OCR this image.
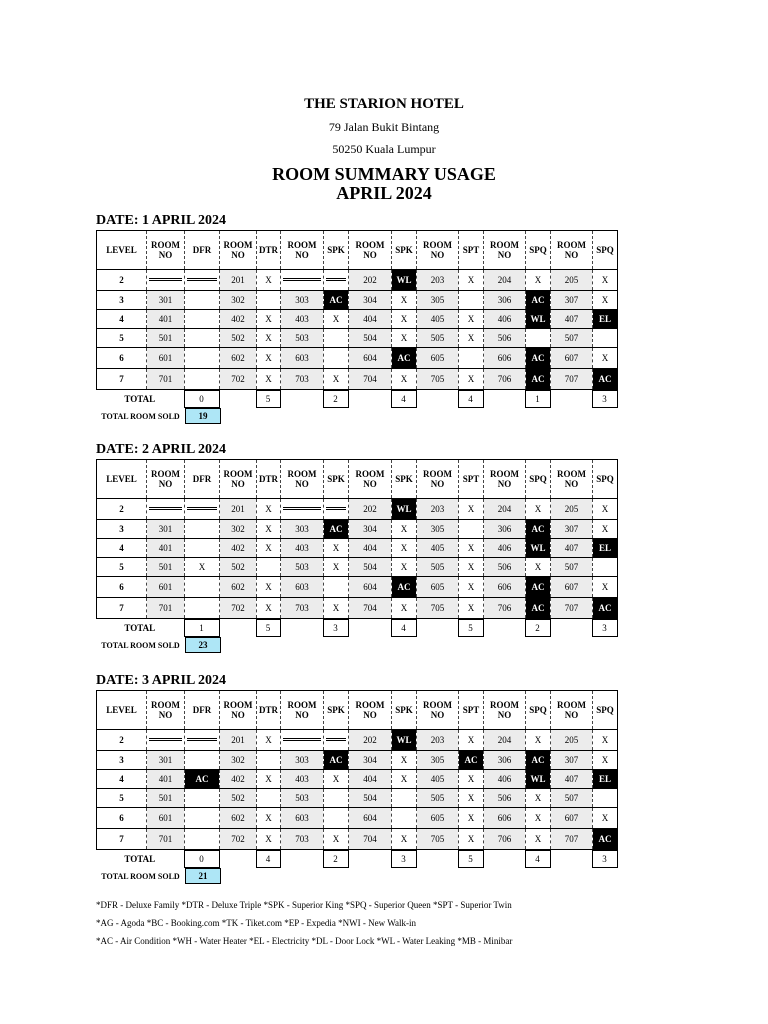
THE STARION HOTEL
79 Jalan Bukit Bintang
50250 Kuala Lumpur
ROOM SUMMARY USAGE
APRIL 2024
DATE: 1 APRIL 2024
LEVEL	ROOM NO	DFR	ROOM NO	DTR	ROOM NO	SPK	ROOM NO	SPK	ROOM NO	SPT	ROOM NO	SPQ	ROOM NO	SPQ
2			201	X			202	WL	203	X	204	X	205	X
3	301		302		303	AC	304	X	305		306	AC	307	X
4	401		402	X	403	X	404	X	405	X	406	WL	407	EL
5	501		502	X	503		504	X	505	X	506		507	
6	601		602	X	603		604	AC	605		606	AC	607	X
7	701		702	X	703	X	704	X	705	X	706	AC	707	AC
TOTAL	0		5		2		4		4		1		3
TOTAL ROOM SOLD	19
DATE: 2 APRIL 2024
LEVEL	ROOM NO	DFR	ROOM NO	DTR	ROOM NO	SPK	ROOM NO	SPK	ROOM NO	SPT	ROOM NO	SPQ	ROOM NO	SPQ
2			201	X			202	WL	203	X	204	X	205	X
3	301		302	X	303	AC	304	X	305		306	AC	307	X
4	401		402	X	403	X	404	X	405	X	406	WL	407	EL
5	501	X	502		503	X	504	X	505	X	506	X	507	
6	601		602	X	603		604	AC	605	X	606	AC	607	X
7	701		702	X	703	X	704	X	705	X	706	AC	707	AC
TOTAL	1		5		3		4		5		2		3
TOTAL ROOM SOLD	23
DATE: 3 APRIL 2024
LEVEL	ROOM NO	DFR	ROOM NO	DTR	ROOM NO	SPK	ROOM NO	SPK	ROOM NO	SPT	ROOM NO	SPQ	ROOM NO	SPQ
2			201	X			202	WL	203	X	204	X	205	X
3	301		302		303	AC	304	X	305	AC	306	AC	307	X
4	401	AC	402	X	403	X	404	X	405	X	406	WL	407	EL
5	501		502		503		504		505	X	506	X	507	
6	601		602	X	603		604		605	X	606	X	607	X
7	701		702	X	703	X	704	X	705	X	706	X	707	AC
TOTAL	0		4		2		3		5		4		3
TOTAL ROOM SOLD	21
*DFR - Deluxe Family *DTR - Deluxe Triple *SPK - Superior King *SPQ - Superior Queen *SPT - Superior Twin
*AG - Agoda *BC - Booking.com *TK - Tiket.com *EP - Expedia *NWI - New Walk-in
*AC - Air Condition *WH - Water Heater *EL - Electricity *DL - Door Lock *WL - Water Leaking *MB - Minibar
